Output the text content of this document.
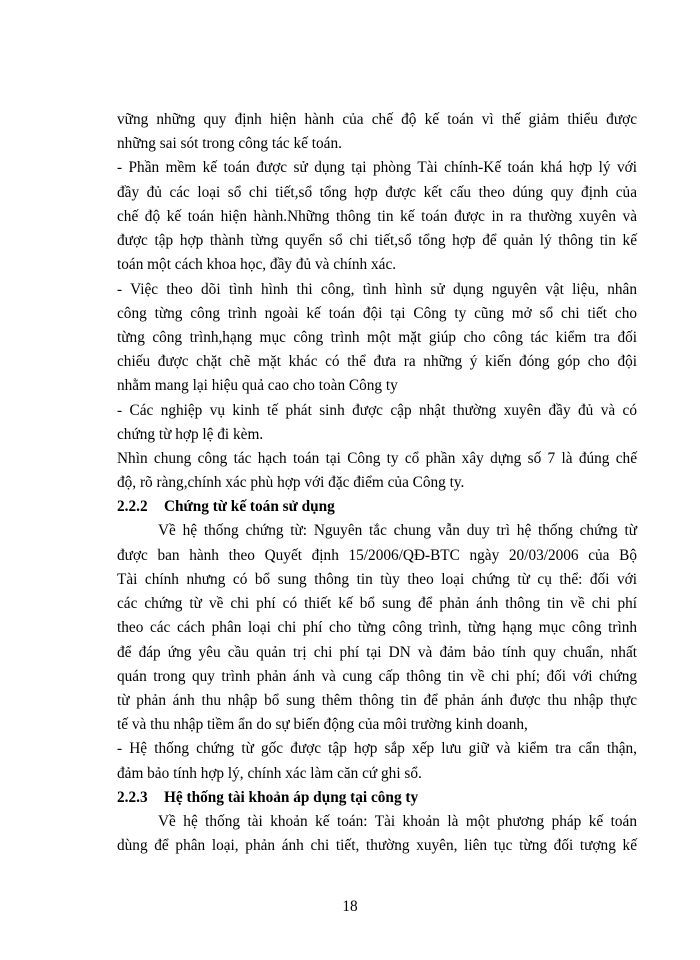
vững những quy định hiện hành của chế độ kế toán vì thế giảm thiểu được
những sai sót trong công tác kế toán.
- Phần mềm kế toán được sử dụng tại phòng Tài chính-Kế toán khá hợp lý với
đầy đủ các loại sổ chi tiết,sổ tổng hợp được kết cấu theo dúng quy định của
chế độ kế toán hiện hành.Những thông tin kế toán được in ra thường xuyên và
được tập hợp thành từng quyển sổ chi tiết,sổ tổng hợp để quản lý thông tin kế
toán một cách khoa học, đầy đủ và chính xác.
- Việc theo dõi tình hình thi công, tình hình sử dụng nguyên vật liệu, nhân
công từng công trình ngoài kế toán đội tại Công ty cũng mở sổ chi tiết cho
từng công trình,hạng mục công trình một mặt giúp cho công tác kiểm tra đối
chiếu được chặt chẽ mặt khác có thể đưa ra những ý kiến đóng góp cho đội
nhằm mang lại hiệu quả cao cho toàn Công ty
- Các nghiệp vụ kinh tế phát sinh được cập nhật thường xuyên đầy đủ và có
chứng từ hợp lệ đi kèm.
Nhìn chung công tác hạch toán tại Công ty cổ phần xây dựng số 7 là đúng chế
độ, rõ ràng,chính xác phù hợp với đặc điểm của Công ty.
2.2.2 Chứng từ kế toán sử dụng
Về hệ thống chứng từ: Nguyên tắc chung vẫn duy trì hệ thống chứng từ
được ban hành theo Quyết định 15/2006/QĐ-BTC ngày 20/03/2006 của Bộ
Tài chính nhưng có bổ sung thông tin tùy theo loại chứng từ cụ thể: đối với
các chứng từ về chi phí có thiết kế bổ sung để phản ánh thông tin về chi phí
theo các cách phân loại chi phí cho từng công trình, từng hạng mục công trình
để đáp ứng yêu cầu quản trị chi phí tại DN và đảm bảo tính quy chuẩn, nhất
quán trong quy trình phản ánh và cung cấp thông tin về chi phí; đối với chứng
từ phản ánh thu nhập bổ sung thêm thông tin để phản ánh được thu nhập thực
tế và thu nhập tiềm ẩn do sự biến động của môi trường kinh doanh,
- Hệ thống chứng từ gốc được tập hợp sắp xếp lưu giữ và kiểm tra cẩn thận,
đảm bảo tính hợp lý, chính xác làm căn cứ ghi sổ.
2.2.3 Hệ thống tài khoản áp dụng tại công ty
Về hệ thống tài khoản kế toán: Tài khoản là một phương pháp kế toán
dùng để phân loại, phản ánh chi tiết, thường xuyên, liên tục từng đối tượng kế
18
